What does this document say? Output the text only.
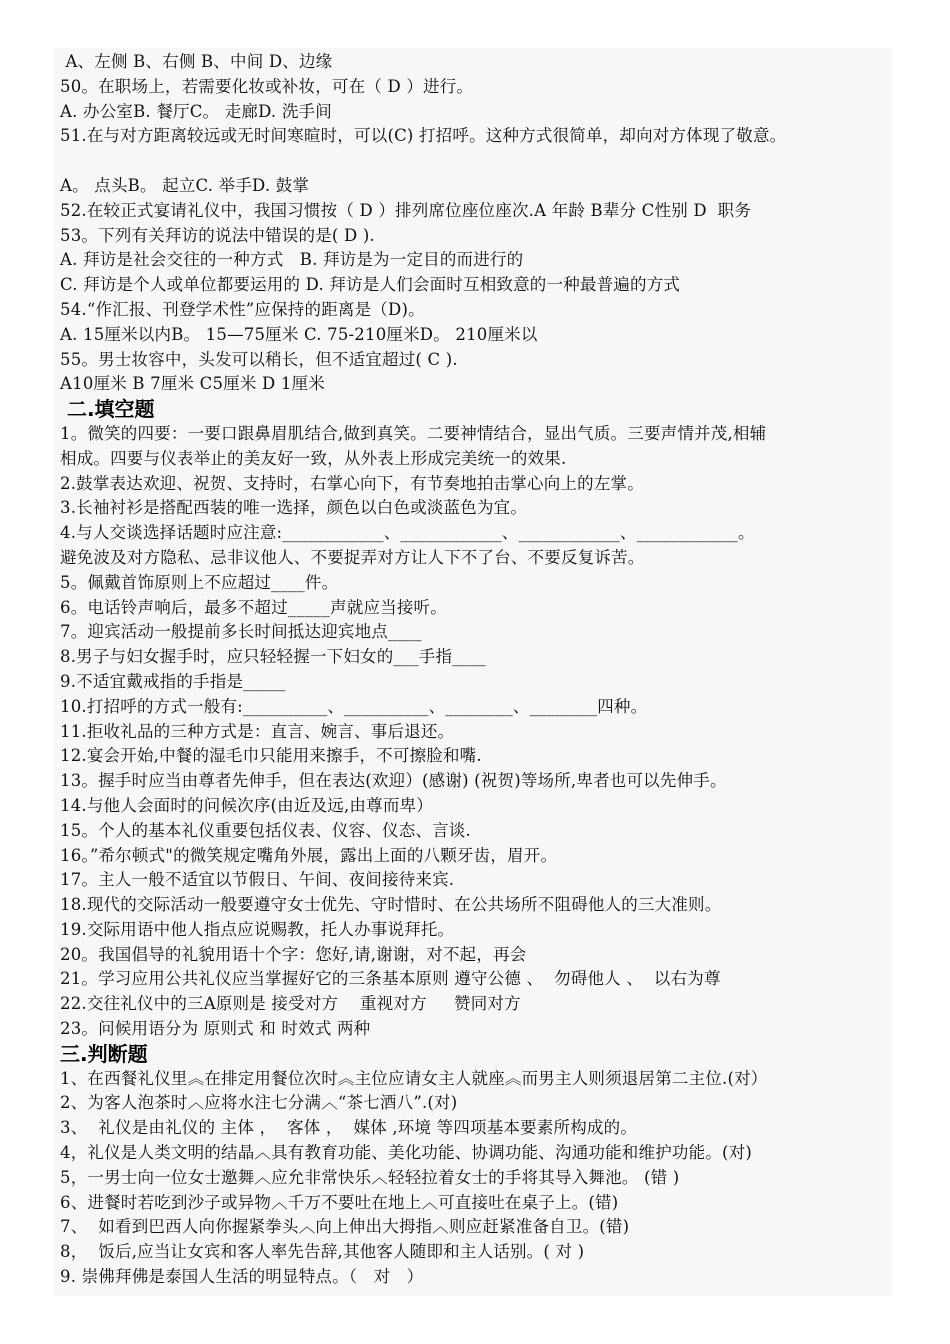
A、左侧 B、右侧 B、中间 D、边缘
50。在职场上，若需要化妆或补妆，可在（ D ）进行。
A. 办公室B. 餐厅C。 走廊D. 洗手间
51.在与对方距离较远或无时间寒暄时，可以(C) 打招呼。这种方式很简单，却向对方体现了敬意。
A。 点头B。 起立C. 举手D. 鼓掌
52.在较正式宴请礼仪中，我国习惯按（ D ）排列席位座位座次.A 年龄 B辈分 C性别 D  职务
53。下列有关拜访的说法中错误的是( D ).
A. 拜访是社会交往的一种方式   B. 拜访是为一定目的而进行的
C. 拜访是个人或单位都要运用的 D. 拜访是人们会面时互相致意的一种最普遍的方式
54.“作汇报、刊登学术性”应保持的距离是（D)。
A. 15厘米以内B。 15—75厘米 C. 75-210厘米D。 210厘米以
55。男士妆容中，头发可以稍长，但不适宜超过( C ).
A10厘米 B 7厘米 C5厘米 D 1厘米
二.填空题
1。微笑的四要：一要口跟鼻眉肌结合,做到真笑。二要神情结合，显出气质。三要声情并茂,相辅
相成。四要与仪表举止的美友好一致，从外表上形成完美统一的效果.
2.鼓掌表达欢迎、祝贺、支持时，右掌心向下，有节奏地拍击掌心向上的左掌。
3.长袖衬衫是搭配西装的唯一选择，颜色以白色或淡蓝色为宜。
4.与人交谈选择话题时应注意:____________、____________、____________、____________。
避免波及对方隐私、忌非议他人、不要捉弄对方让人下不了台、不要反复诉苦。
5。佩戴首饰原则上不应超过____件。
6。电话铃声响后，最多不超过_____声就应当接听。
7。迎宾活动一般提前多长时间抵达迎宾地点____
8.男子与妇女握手时，应只轻轻握一下妇女的___手指____
9.不适宜戴戒指的手指是_____
10.打招呼的方式一般有:__________、__________、________、________四种。
11.拒收礼品的三种方式是：直言、婉言、事后退还。
12.宴会开始,中餐的湿毛巾只能用来擦手，不可擦脸和嘴.
13。握手时应当由尊者先伸手，但在表达(欢迎）(感谢) (祝贺)等场所,卑者也可以先伸手。
14.与他人会面时的问候次序(由近及远,由尊而卑）
15。个人的基本礼仪重要包括仪表、仪容、仪态、言谈.
16。”希尔顿式"的微笑规定嘴角外展，露出上面的八颗牙齿，眉开。
17。主人一般不适宜以节假日、午间、夜间接待来宾.
18.现代的交际活动一般要遵守女士优先、守时惜时、在公共场所不阻碍他人的三大准则。
19.交际用语中他人指点应说赐教，托人办事说拜托。
20。我国倡导的礼貌用语十个字：您好,请,谢谢，对不起，再会
21。学习应用公共礼仪应当掌握好它的三条基本原则 遵守公德 、  勿碍他人 、  以右为尊
22.交往礼仪中的三A原则是 接受对方    重视对方     赞同对方
23。问候用语分为 原则式 和 时效式 两种
三.判断题
1、在西餐礼仪里︽在排定用餐位次时︽主位应请女主人就座︽而男主人则须退居第二主位.(对）
2、为客人泡茶时︿应将水注七分满︿“茶七酒八”.(对)
3、  礼仪是由礼仪的 主体 ，  客体 ，  媒体 ,环境 等四项基本要素所构成的。
4，礼仪是人类文明的结晶︿具有教育功能、美化功能、协调功能、沟通功能和维护功能。(对)
5，一男士向一位女士邀舞︿应允非常快乐︿轻轻拉着女士的手将其导入舞池。 (错 )
6、进餐时若吃到沙子或异物︿千万不要吐在地上︿可直接吐在桌子上。(错)
7、  如看到巴西人向你握紧拳头︿向上伸出大拇指︿则应赶紧准备自卫。(错)
8，  饭后,应当让女宾和客人率先告辞,其他客人随即和主人话别。( 对 )
9. 崇佛拜佛是泰国人生活的明显特点。（   对   ）
